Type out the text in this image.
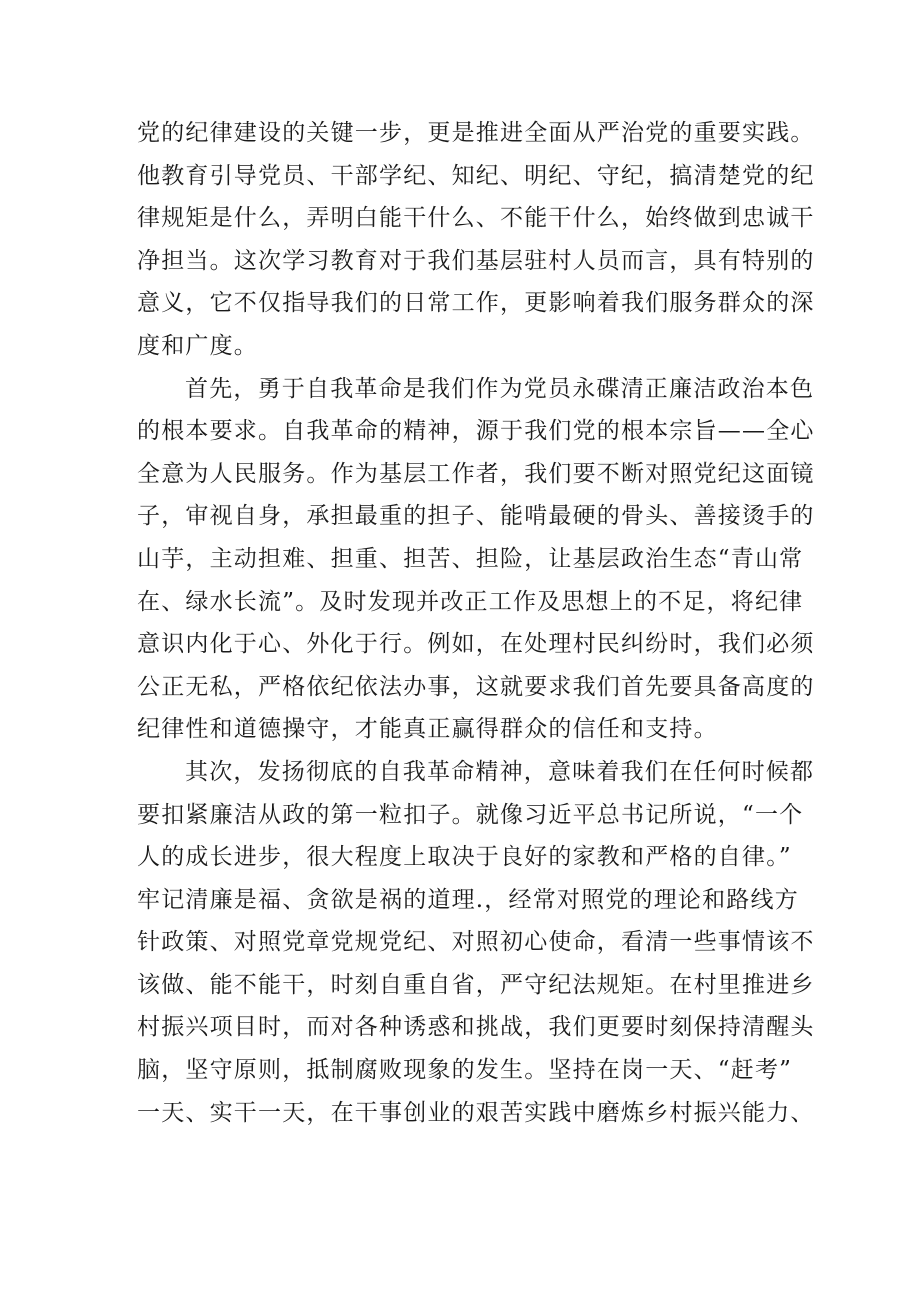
党的纪律建设的关键一步，更是推进全面从严治党的重要实践。
他教育引导党员、干部学纪、知纪、明纪、守纪，搞清楚党的纪
律规矩是什么，弄明白能干什么、不能干什么，始终做到忠诚干
净担当。这次学习教育对于我们基层驻村人员而言，具有特别的
意义，它不仅指导我们的日常工作，更影响着我们服务群众的深
度和广度。
首先，勇于自我革命是我们作为党员永碟清正廉洁政治本色
的根本要求。自我革命的精神，源于我们党的根本宗旨——全心
全意为人民服务。作为基层工作者，我们要不断对照党纪这面镜
子，审视自身，承担最重的担子、能啃最硬的骨头、善接烫手的
山芋，主动担难、担重、担苦、担险，让基层政治生态“青山常
在、绿水长流”。及时发现并改正工作及思想上的不足，将纪律
意识内化于心、外化于行。例如，在处理村民纠纷时，我们必须
公正无私，严格依纪依法办事，这就要求我们首先要具备高度的
纪律性和道德操守，才能真正赢得群众的信任和支持。
其次，发扬彻底的自我革命精神，意味着我们在任何时候都
要扣紧廉洁从政的第一粒扣子。就像习近平总书记所说，“一个
人的成长进步，很大程度上取决于良好的家教和严格的自律。”
牢记清廉是福、贪欲是祸的道理.，经常对照党的理论和路线方
针政策、对照党章党规党纪、对照初心使命，看清一些事情该不
该做、能不能干，时刻自重自省，严守纪法规矩。在村里推进乡
村振兴项目时，而对各种诱惑和挑战，我们更要时刻保持清醒头
脑，坚守原则，抵制腐败现象的发生。坚持在岗一天、“赶考”
一天、实干一天，在干事创业的艰苦实践中磨炼乡村振兴能力、
